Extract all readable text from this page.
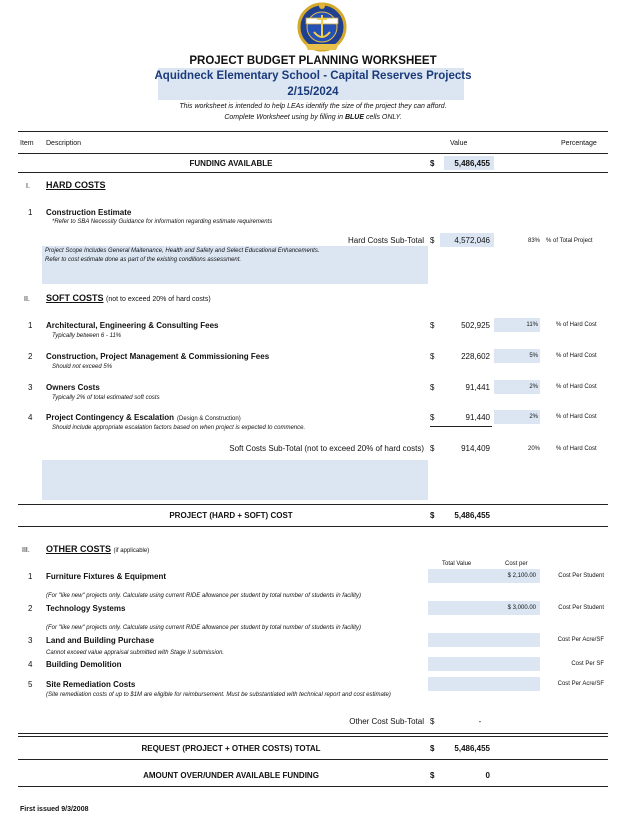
PROJECT BUDGET PLANNING WORKSHEET
Aquidneck Elementary School - Capital Reserves Projects
2/15/2024
This worksheet is intended to help LEAs identify the size of the project they can afford.
Complete Worksheet using by filling in BLUE cells ONLY.
Item Description	Value	Percentage
FUNDING AVAILABLE	$	5,486,455
I. HARD COSTS
1 Construction Estimate
*Refer to SBA Necessity Guidance for information regarding estimate requirements
Hard Costs Sub-Total $	4,572,046	83% % of Total Project
Project Scope Includes General Maitenance, Health and Safety and Select Educational Enhancements.
Refer to cost estimate done as part of the existing conditions assessment.
II. SOFT COSTS (not to exceed 20% of hard costs)
1 Architectural, Engineering & Consulting Fees
Typically between 6 - 11%
$	502,925	11%	% of Hard Cost
2 Construction, Project Management & Commissioning Fees
Should not exceed 5%
$	228,602	5%	% of Hard Cost
3 Owners Costs
Typically 2% of total estimated soft costs
$	91,441	2%	% of Hard Cost
4 Project Contingency & Escalation (Design & Construction)
Should include appropriate escalation factors based on when project is expected to commence.
$	91,440	2%	% of Hard Cost
Soft Costs Sub-Total (not to exceed 20% of hard costs) $	914,409	20%	% of Hard Cost
PROJECT (HARD + SOFT) COST	$	5,486,455
III. OTHER COSTS (if applicable)
Total Value	Cost per
1 Furniture Fixtures & Equipment	$ 2,100.00	Cost Per Student
(For "like new" projects only. Calculate using current RIDE allowance per student by total number of students in facility)
2 Technology Systems	$ 3,000.00	Cost Per Student
(For "like new" projects only. Calculate using current RIDE allowance per student by total number of students in facility)
3 Land and Building Purchase	Cost Per Acre/SF
Cannot exceed value appraisal submitted with Stage II submission.
4 Building Demolition	Cost Per SF
5 Site Remediation Costs	Cost Per Acre/SF
(Site remediation costs of up to $1M are eligible for reimbursement. Must be substantiated with technical report and cost estimate)
Other Cost Sub-Total $	-
REQUEST (PROJECT + OTHER COSTS) TOTAL	$	5,486,455
AMOUNT OVER/UNDER AVAILABLE FUNDING	$	0
First issued 9/3/2008
